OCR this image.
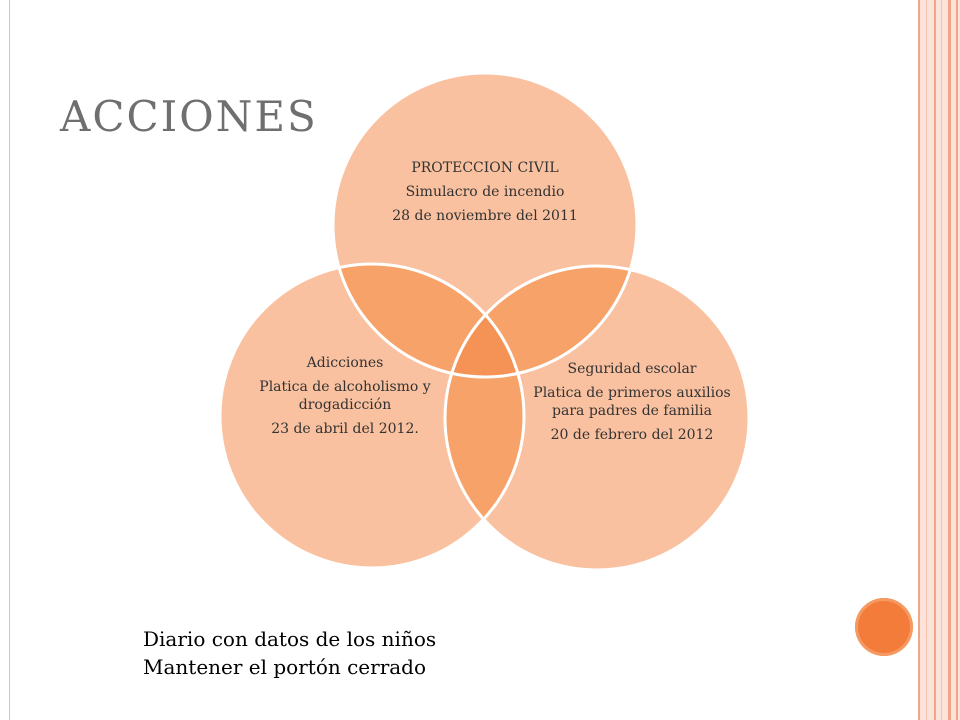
ACCIONES
PROTECCION CIVIL
Simulacro de incendio
28 de noviembre del 2011
Adicciones
Platica de alcoholismo y drogadicción
23 de abril del 2012.
Seguridad escolar
Platica de primeros auxilios para padres de familia
20 de febrero del 2012
Diario con datos de los niños
Mantener el portón cerrado
